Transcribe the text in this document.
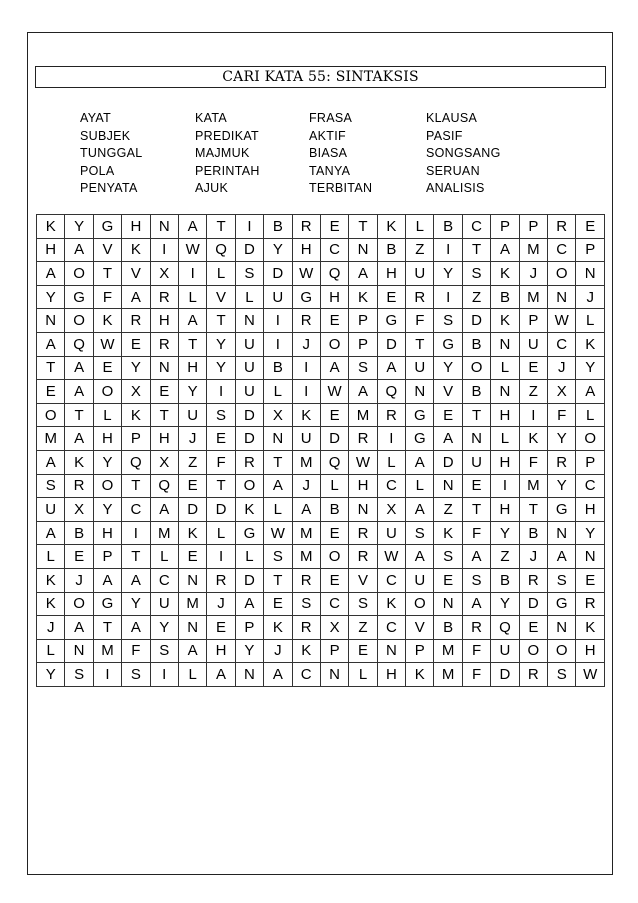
CARI KATA 55: SINTAKSIS
AYAT	KATA	FRASA	KLAUSA
SUBJEK	PREDIKAT	AKTIF	PASIF
TUNGGAL	MAJMUK	BIASA	SONGSANG
POLA	PERINTAH	TANYA	SERUAN
PENYATA	AJUK	TERBITAN	ANALISIS
K	Y	G	H	N	A	T	I	B	R	E	T	K	L	B	C	P	P	R	E
H	A	V	K	I	W	Q	D	Y	H	C	N	B	Z	I	T	A	M	C	P
A	O	T	V	X	I	L	S	D	W	Q	A	H	U	Y	S	K	J	O	N
Y	G	F	A	R	L	V	L	U	G	H	K	E	R	I	Z	B	M	N	J
N	O	K	R	H	A	T	N	I	R	E	P	G	F	S	D	K	P	W	L
A	Q	W	E	R	T	Y	U	I	J	O	P	D	T	G	B	N	U	C	K
T	A	E	Y	N	H	Y	U	B	I	A	S	A	U	Y	O	L	E	J	Y
E	A	O	X	E	Y	I	U	L	I	W	A	Q	N	V	B	N	Z	X	A
O	T	L	K	T	U	S	D	X	K	E	M	R	G	E	T	H	I	F	L
M	A	H	P	H	J	E	D	N	U	D	R	I	G	A	N	L	K	Y	O
A	K	Y	Q	X	Z	F	R	T	M	Q	W	L	A	D	U	H	F	R	P
S	R	O	T	Q	E	T	O	A	J	L	H	C	L	N	E	I	M	Y	C
U	X	Y	C	A	D	D	K	L	A	B	N	X	A	Z	T	H	T	G	H
A	B	H	I	M	K	L	G	W	M	E	R	U	S	K	F	Y	B	N	Y
L	E	P	T	L	E	I	L	S	M	O	R	W	A	S	A	Z	J	A	N
K	J	A	A	C	N	R	D	T	R	E	V	C	U	E	S	B	R	S	E
K	O	G	Y	U	M	J	A	E	S	C	S	K	O	N	A	Y	D	G	R
J	A	T	A	Y	N	E	P	K	R	X	Z	C	V	B	R	Q	E	N	K
L	N	M	F	S	A	H	Y	J	K	P	E	N	P	M	F	U	O	O	H
Y	S	I	S	I	L	A	N	A	C	N	L	H	K	M	F	D	R	S	W
